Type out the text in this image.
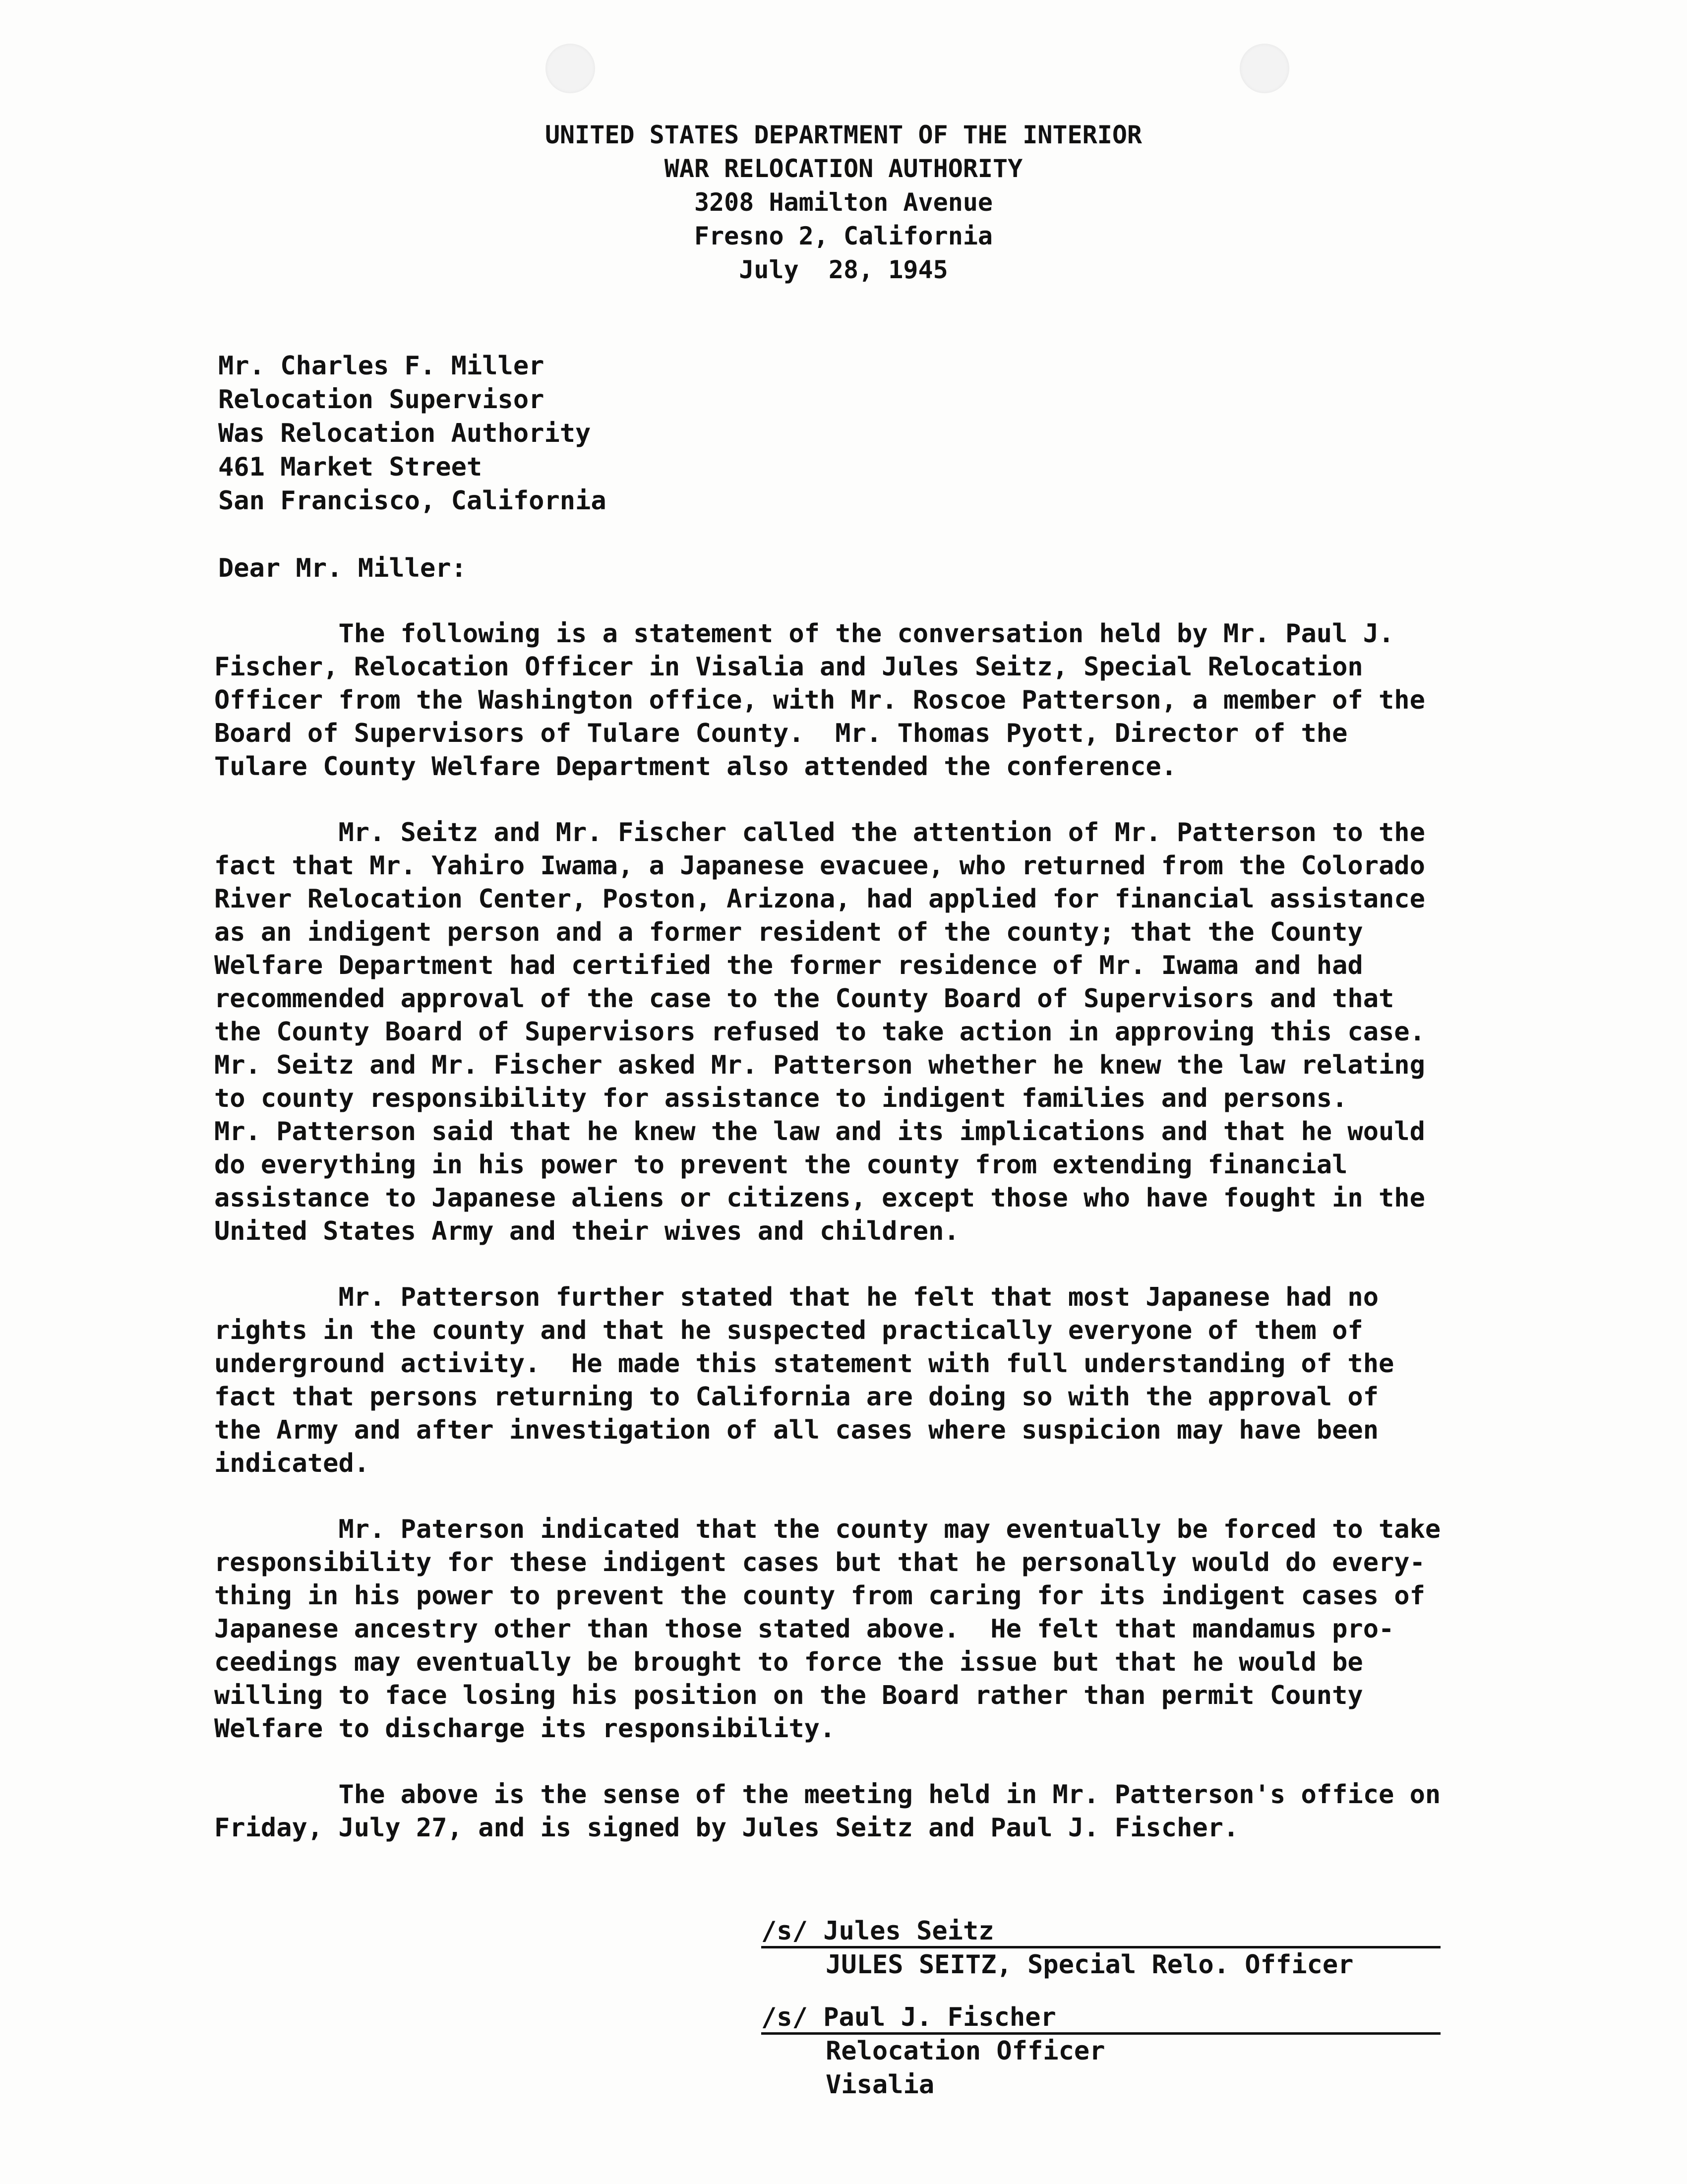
UNITED STATES DEPARTMENT OF THE INTERIOR
WAR RELOCATION AUTHORITY
3208 Hamilton Avenue
Fresno 2, California
July  28, 1945
Mr. Charles F. Miller
Relocation Supervisor
Was Relocation Authority
461 Market Street
San Francisco, California
Dear Mr. Miller:

The following is a statement of the conversation held by Mr. Paul J.
Fischer, Relocation Officer in Visalia and Jules Seitz, Special Relocation
Officer from the Washington office, with Mr. Roscoe Patterson, a member of the
Board of Supervisors of Tulare County.  Mr. Thomas Pyott, Director of the
Tulare County Welfare Department also attended the conference.

Mr. Seitz and Mr. Fischer called the attention of Mr. Patterson to the
fact that Mr. Yahiro Iwama, a Japanese evacuee, who returned from the Colorado
River Relocation Center, Poston, Arizona, had applied for financial assistance
as an indigent person and a former resident of the county; that the County
Welfare Department had certified the former residence of Mr. Iwama and had
recommended approval of the case to the County Board of Supervisors and that
the County Board of Supervisors refused to take action in approving this case.
Mr. Seitz and Mr. Fischer asked Mr. Patterson whether he knew the law relating
to county responsibility for assistance to indigent families and persons.
Mr. Patterson said that he knew the law and its implications and that he would
do everything in his power to prevent the county from extending financial
assistance to Japanese aliens or citizens, except those who have fought in the
United States Army and their wives and children.

Mr. Patterson further stated that he felt that most Japanese had no
rights in the county and that he suspected practically everyone of them of
underground activity.  He made this statement with full understanding of the
fact that persons returning to California are doing so with the approval of
the Army and after investigation of all cases where suspicion may have been
indicated.

Mr. Paterson indicated that the county may eventually be forced to take
responsibility for these indigent cases but that he personally would do every-
thing in his power to prevent the county from caring for its indigent cases of
Japanese ancestry other than those stated above.  He felt that mandamus pro-
ceedings may eventually be brought to force the issue but that he would be
willing to face losing his position on the Board rather than permit County
Welfare to discharge its responsibility.

The above is the sense of the meeting held in Mr. Patterson's office on
Friday, July 27, and is signed by Jules Seitz and Paul J. Fischer.

/s/ Jules Seitz
JULES SEITZ, Special Relo. Officer
/s/ Paul J. Fischer
Relocation Officer
Visalia
